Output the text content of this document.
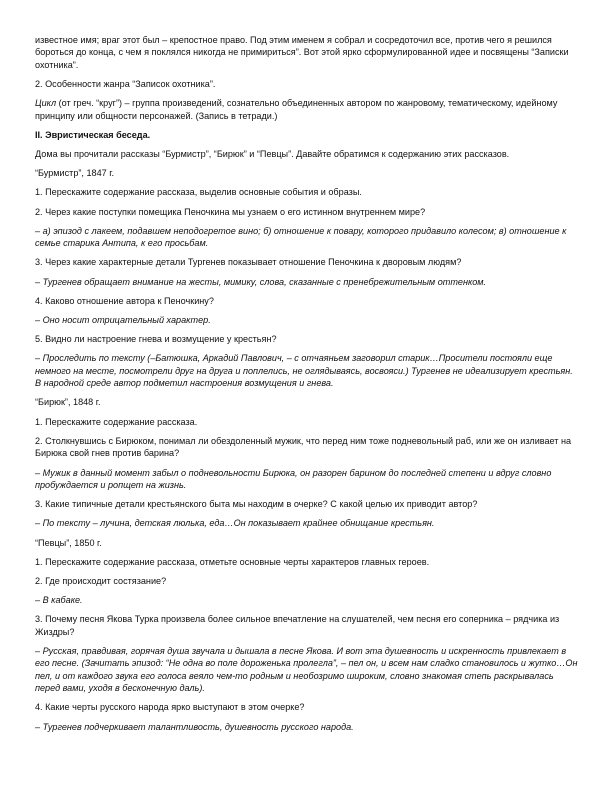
известное имя; враг этот был – крепостное право. Под этим именем я собрал и сосредоточил все, против чего я решился бороться до конца, с чем я поклялся никогда не примириться”. Вот этой ярко сформулированной идее и посвящены “Записки охотника”.

2. Особенности жанра “Записок охотника”.

Цикл (от греч. “круг”) – группа произведений, сознательно объединенных автором по жанровому, тематическому, идейному принципу или общности персонажей. (Запись в тетради.)

II. Эвристическая беседа.

Дома вы прочитали рассказы “Бурмистр”, “Бирюк” и “Певцы”. Давайте обратимся к содержанию этих рассказов.

“Бурмистр”, 1847 г.

1. Перескажите содержание рассказа, выделив основные события и образы.

2. Через какие поступки помещика Пеночкина мы узнаем о его истинном внутреннем мире?

– а) эпизод с лакеем, подавшем неподогретое вино; б) отношение к повару, которого придавило колесом; в) отношение к семье старика Антипа, к его просьбам.

3. Через какие характерные детали Тургенев показывает отношение Пеночкина к дворовым людям?

– Тургенев обращает внимание на жесты, мимику, слова, сказанные с пренебрежительным оттенком.

4. Каково отношение автора к Пеночкину?

– Оно носит отрицательный характер.

5. Видно ли настроение гнева и возмущение у крестьян?

– Проследить по тексту (–Батюшка, Аркадий Павлович, – с отчаяньем заговорил старик…Просители постояли еще немного на месте, посмотрели друг на друга и поплелись, не оглядываясь, восвояси.) Тургенев не идеализирует крестьян. В народной среде автор подметил настроения возмущения и гнева.

“Бирюк”, 1848 г.

1. Перескажите содержание рассказа.

2. Столкнувшись с Бирюком, понимал ли обездоленный мужик, что перед ним тоже подневольный раб, или же он изливает на Бирюка свой гнев против барина?

– Мужик в данный момент забыл о подневольности Бирюка, он разорен барином до последней степени и вдруг словно пробуждается и ропщет на жизнь.

3. Какие типичные детали крестьянского быта мы находим в очерке? С какой целью их приводит автор?

– По тексту – лучина, детская люлька, еда…Он показывает крайнее обнищание крестьян.

“Певцы”, 1850 г.

1. Перескажите содержание рассказа, отметьте основные черты характеров главных героев.

2. Где происходит состязание?

– В кабаке.

3. Почему песня Якова Турка произвела более сильное впечатление на слушателей, чем песня его соперника – рядчика из Жиздры?

– Русская, правдивая, горячая душа звучала и дышала в песне Якова. И вот эта душевность и искренность привлекает в его песне. (Зачитать эпизод: “Не одна во поле дороженька пролегла”, – пел он, и всем нам сладко становилось и жутко…Он пел, и от каждого звука его голоса веяло чем-то родным и необозримо широким, словно знакомая степь раскрывалась перед вами, уходя в бесконечную даль).

4. Какие черты русского народа ярко выступают в этом очерке?

– Тургенев подчеркивает талантливость, душевность русского народа.
